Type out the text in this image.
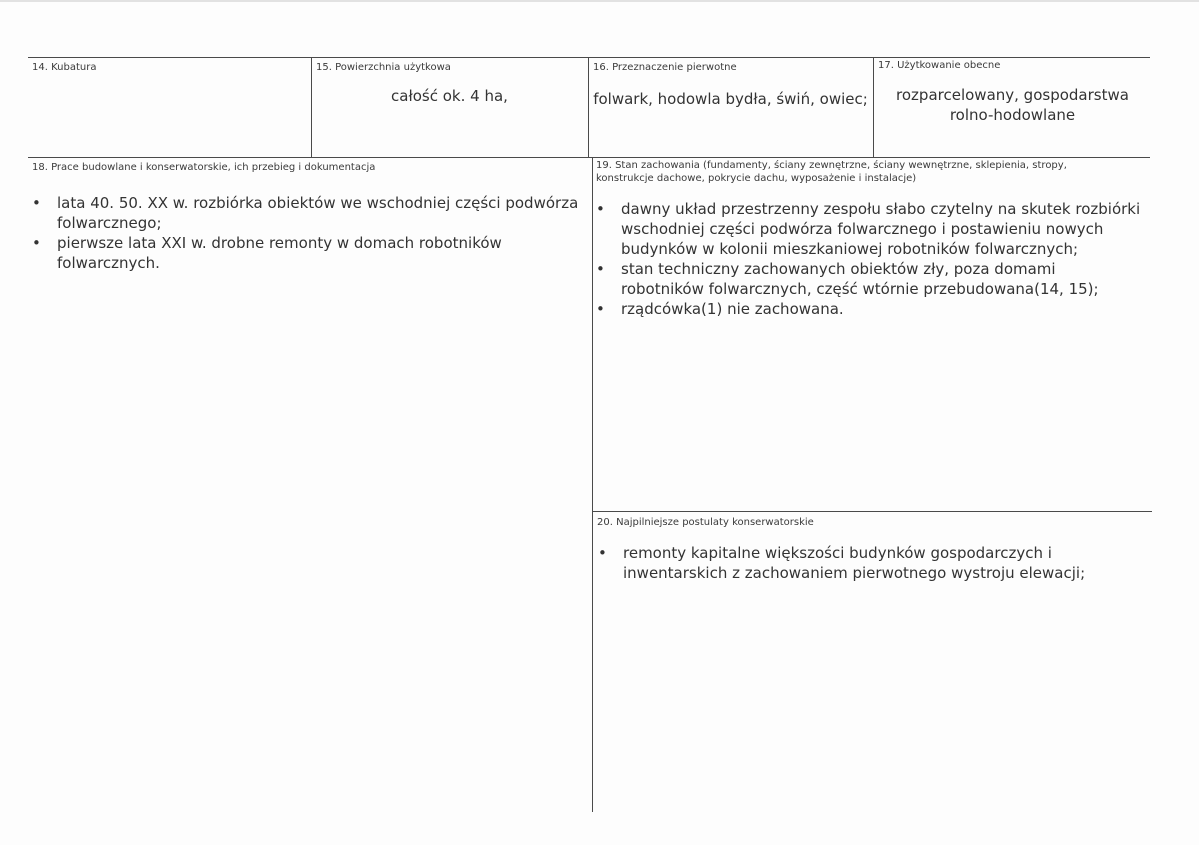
14. Kubatura	15. Powierzchnia użytkowa
całość ok. 4 ha,
16. Przeznaczenie pierwotne
folwark, hodowla bydła, świń, owiec;
17. Użytkowanie obecne
rozparcelowany, gospodarstwa rolno-hodowlane
18. Prace budowlane i konserwatorskie, ich przebieg i dokumentacja
• lata 40. 50. XX w. rozbiórka obiektów we wschodniej części podwórza folwarcznego;
• pierwsze lata XXI w. drobne remonty w domach robotników folwarcznych.
19. Stan zachowania (fundamenty, ściany zewnętrzne, ściany wewnętrzne, sklepienia, stropy, konstrukcje dachowe, pokrycie dachu, wyposażenie i instalacje)
• dawny układ przestrzenny zespołu słabo czytelny na skutek rozbiórki wschodniej części podwórza folwarcznego i postawieniu nowych budynków w kolonii mieszkaniowej robotników folwarcznych;
• stan techniczny zachowanych obiektów zły, poza domami robotników folwarcznych, część wtórnie przebudowana(14, 15);
• rządcówka(1) nie zachowana.
20. Najpilniejsze postulaty konserwatorskie
• remonty kapitalne większości budynków gospodarczych i inwentarskich z zachowaniem pierwotnego wystroju elewacji;
